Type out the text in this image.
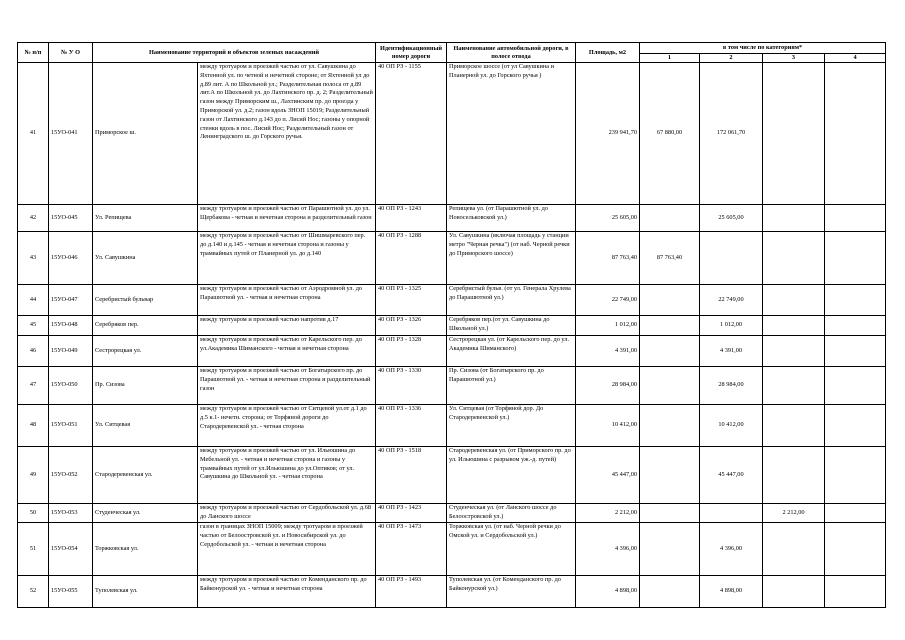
№ п/п	№ У О	Наименование территорий и объектов зеленых насаждений		Идентификационный номер дороги	Наименование автомобильной дороги, в полосе отвода	Площадь, м2	в том числе по категориям*			
							1	2	3	4
41	15УО-041	Приморское ш.	между тротуаром и проезжей частью от ул. Савушкина до Яхтенной ул. по четной и нечетной стороне; от Яхтенной ул до д.89 лит. А по Школьной ул.; Разделительная полоса от д.89 лит.А по Школьной ул. до Лахтинского пр. д. 2; Разделительный газон между Приморским ш., Лахтинским пр. до проезда у Приморской ул. д.2; газон вдоль ЗНОП 15019; Разделительный газон от Лахтинского д.143 до п. Лисий Нос; газоны у опорной стенки вдоль в пос. Лисий Нос; Разделительный газон от Ленинградского ш. до Горского ручья.	40 ОП РЗ - 1155	Приморское шоссе (от ул Савушкина и Планерной ул. до Горского ручья )	239 941,70	67 880,00	172 061,70		
42	15УО-045	Ул. Репищева	между тротуаром и проезжей частью от Парашютной ул. до ул. Щербакова - четная и нечетная сторона и разделительный газон	40 ОП РЗ - 1243	Репищева ул. (от Парашютной ул. до Новосельковской ул.)	25 605,00		25 605,00		
43	15УО-046	Ул. Савушкина	между тротуаром и проезжей частью от Шишмаревского пер. до д.140 и д.145 - четная и нечетная сторона и газоны у трамвайных путей от Планерной ул. до д.140	40 ОП РЗ - 1288	Ул. Савушкина (включая площадь у станции метро "Черная речка") (от наб. Черной речки до Приморского шоссе)	87 763,40	87 763,40			
44	15УО-047	Серебристый бульвар	между тротуаром и проезжей частью от Аэродромной ул. до Парашютной ул. - четная и нечетная сторона	40 ОП РЗ - 1325	Серебристый бульв. (от ул. Генерала Хрулева до Парашютной ул.)	22 749,00		22 749,00		
45	15УО-048	Серебряков пер.	между тротуаром и проезжей частью напротив д.17	40 ОП РЗ - 1326	Серебряков пер.(от ул. Савушкина до Школьной ул.)	1 012,00		1 012,00		
46	15УО-049	Сестрорецкая ул.	между тротуаром и проезжей частью от Карельского пер. до ул.Академика Шиманского - четная и нечетная сторона	40 ОП РЗ - 1328	Сестрорецкая ул. (от Карельского пер. до ул. Академика Шиманского)	4 391,00		4 391,00		
47	15УО-050	Пр. Сизова	между тротуаром и проезжей частью от Богатырского пр. до Парашютной ул. - четная и нечетная сторона и разделительный газон	40 ОП РЗ - 1330	Пр. Сизова (от Богатырского пр. до Парашютной ул.)	28 984,00		28 984,00		
48	15УО-051	Ул. Ситцевая	между тротуаром и проезжей частью от Ситцевой ул.от д.1 до д.5 к.1- нечетн. сторона; от Торфяной дороги до Стародеревенской ул. - четная сторона	40 ОП РЗ - 1336	Ул. Ситцевая (от Торфяной дор. До Стародеревенской ул.)	10 412,00		10 412,00		
49	15УО-052	Стародеревенская ул.	между тротуаром и проезжей частью от ул. Ильюшина до Мебельной ул. - четная и нечетная сторона и газоны у трамвайных путей от ул.Ильюшина до ул.Оптиков; от ул. Савушкина до Школьной ул. - четная сторона	40 ОП РЗ - 1518	Стародеревенская ул. (от Приморского пр. до ул. Ильюшина с разрывом уж.-д. путей)	45 447,00		45 447,00		
50	15УО-053	Студенческая ул.	между тротуаром и проезжей частью от Сердобольской ул. д.68 до Ланского шоссе	40 ОП РЗ - 1423	Студенческая ул. (от Ланского шоссе до Белоостровской ул.)	2 212,00			2 212,00	
51	15УО-054	Торжковская ул.	газон в границах ЗНОП 15009; между тротуаром и проезжей частью от Белоостровской ул. и Новосибирской ул. до Сердобольской ул. - четная и нечетная сторона	40 ОП РЗ - 1473	Торжковская ул. (от наб. Черной речки до Омской ул. и Сердобольской ул.)	4 396,00		4 396,00		
52	15УО-055	Туполевская ул.	между тротуаром и проезжей частью от Коменданского пр. до Байконурской ул. - четная и нечетная сторона	40 ОП РЗ - 1493	Туполевская ул. (от Коменданского пр. до Байконурской ул.)	4 898,00		4 898,00		
